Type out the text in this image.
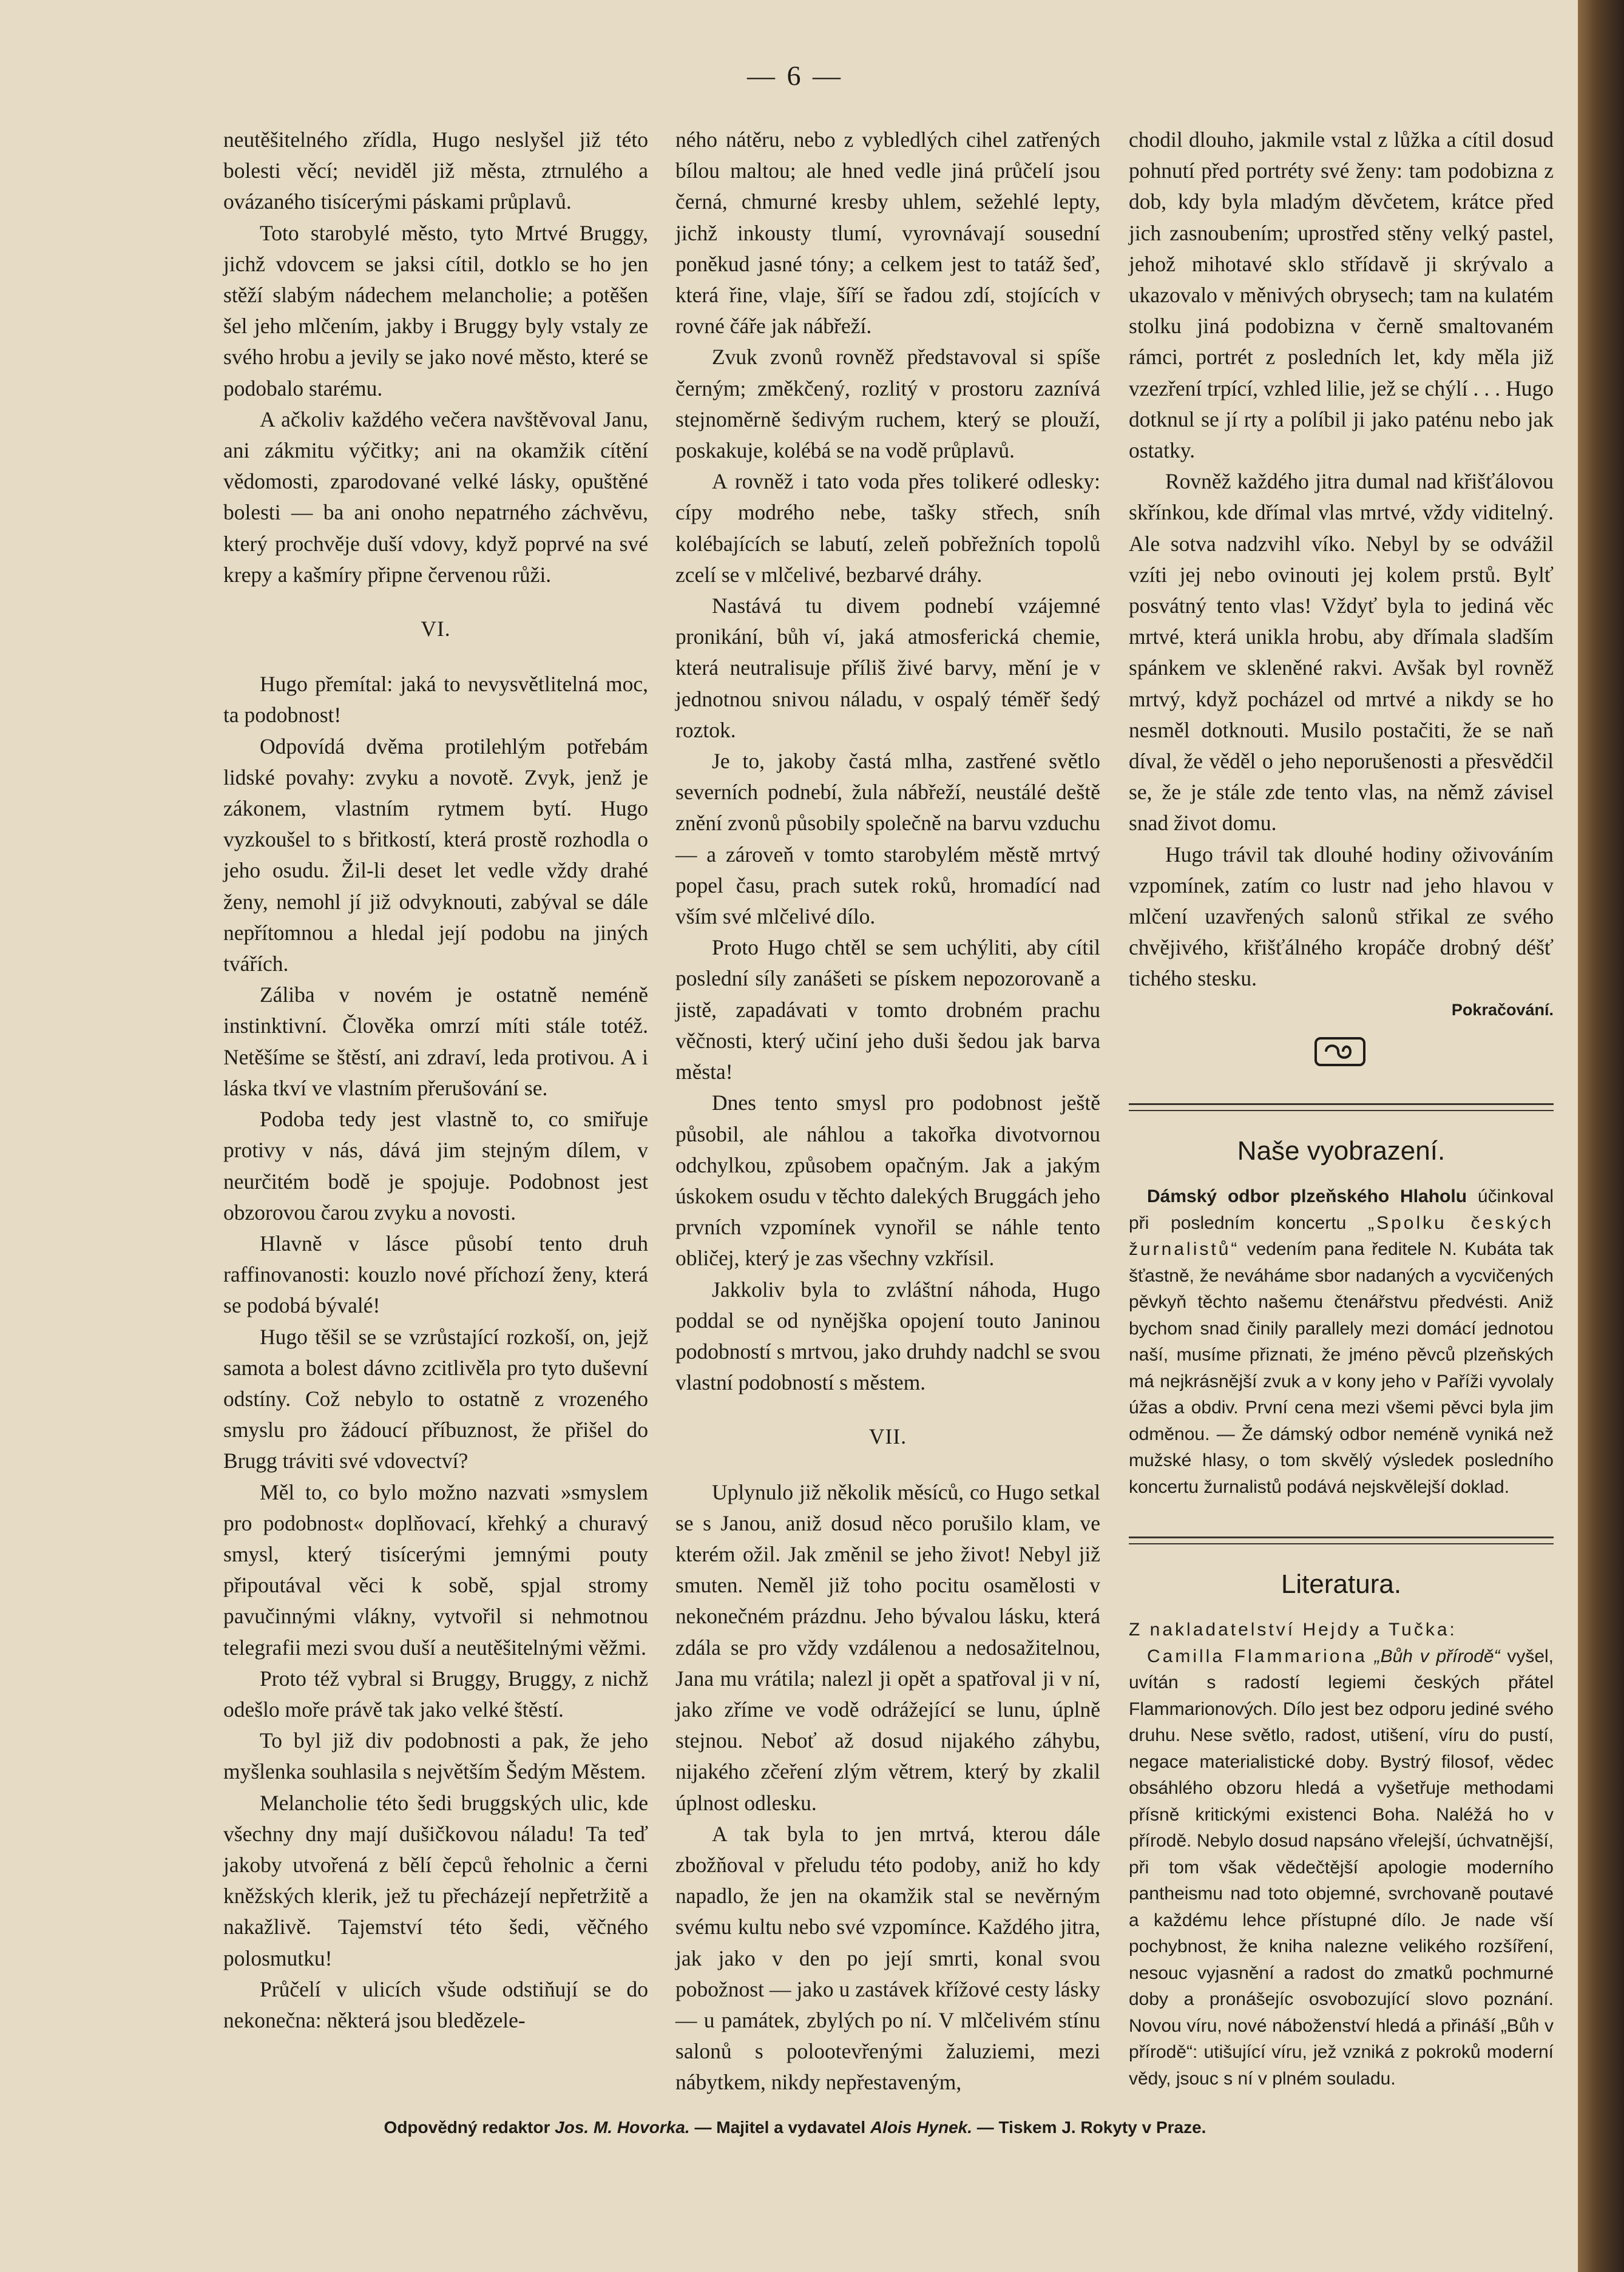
— 6 —

neutěšitelného zřídla, Hugo neslyšel již této bolesti věcí; neviděl již města, ztrnulého a ovázaného tisícerými páskami průplavů.

Toto starobylé město, tyto Mrtvé Bruggy, jichž vdovcem se jaksi cítil, dotklo se ho jen stěží slabým nádechem melancholie; a potěšen šel jeho mlčením, jakby i Bruggy byly vstaly ze svého hrobu a jevily se jako nové město, které se podobalo starému.

A ačkoliv každého večera navštěvoval Janu, ani zákmitu výčitky; ani na okamžik cítění vědomosti, zparodované velké lásky, opuštěné bolesti — ba ani onoho nepatrného záchvěvu, který prochvěje duší vdovy, když poprvé na své krepy a kašmíry připne červenou růži.

VI.

Hugo přemítal: jaká to nevysvětlitelná moc, ta podobnost!

Odpovídá dvěma protilehlým potřebám lidské povahy: zvyku a novotě. Zvyk, jenž je zákonem, vlastním rytmem bytí. Hugo vyzkoušel to s břitkostí, která prostě rozhodla o jeho osudu. Žil-li deset let vedle vždy drahé ženy, nemohl jí již odvyknouti, zabýval se dále nepřítomnou a hledal její podobu na jiných tvářích.

Záliba v novém je ostatně neméně instinktivní. Člověka omrzí míti stále totéž. Netěšíme se štěstí, ani zdraví, leda protivou. A i láska tkví ve vlastním přerušování se.

Podoba tedy jest vlastně to, co smiřuje protivy v nás, dává jim stejným dílem, v neurčitém bodě je spojuje. Podobnost jest obzorovou čarou zvyku a novosti.

Hlavně v lásce působí tento druh raffinovanosti: kouzlo nové příchozí ženy, která se podobá bývalé!

Hugo těšil se se vzrůstající rozkoší, on, jejž samota a bolest dávno zcitlivěla pro tyto duševní odstíny. Což nebylo to ostatně z vrozeného smyslu pro žádoucí příbuznost, že přišel do Brugg tráviti své vdovectví?

Měl to, co bylo možno nazvati »smyslem pro podobnost« doplňovací, křehký a churavý smysl, který tisícerými jemnými pouty připoutával věci k sobě, spjal stromy pavučinnými vlákny, vytvořil si nehmotnou telegrafii mezi svou duší a neutěšitelnými věžmi.

Proto též vybral si Bruggy, Bruggy, z nichž odešlo moře právě tak jako velké štěstí.

To byl již div podobnosti a pak, že jeho myšlenka souhlasila s největším Šedým Městem.

Melancholie této šedi bruggských ulic, kde všechny dny mají dušičkovou náladu! Ta teď jakoby utvořená z bělí čepců řeholnic a černi kněžských klerik, jež tu přecházejí nepřetržitě a nakažlivě. Tajemství této šedi, věčného polosmutku!

Průčelí v ulicích všude odstiňují se do nekonečna: některá jsou bledězele-

ného nátěru, nebo z vybledlých cihel zatřených bílou maltou; ale hned vedle jiná průčelí jsou černá, chmurné kresby uhlem, sežehlé lepty, jichž inkousty tlumí, vyrovnávají sousední poněkud jasné tóny; a celkem jest to tatáž šeď, která řine, vlaje, šíří se řadou zdí, stojících v rovné čáře jak nábřeží.

Zvuk zvonů rovněž představoval si spíše černým; změkčený, rozlitý v prostoru zaznívá stejnoměrně šedivým ruchem, který se plouží, poskakuje, kolébá se na vodě průplavů.

A rovněž i tato voda přes tolikeré odlesky: cípy modrého nebe, tašky střech, sníh kolébajících se labutí, zeleň pobřežních topolů zcelí se v mlčelivé, bezbarvé dráhy.

Nastává tu divem podnebí vzájemné pronikání, bůh ví, jaká atmosferická chemie, která neutralisuje příliš živé barvy, mění je v jednotnou snivou náladu, v ospalý téměř šedý roztok.

Je to, jakoby častá mlha, zastřené světlo severních podnebí, žula nábřeží, neustálé deště znění zvonů působily společně na barvu vzduchu — a zároveň v tomto starobylém městě mrtvý popel času, prach sutek roků, hromadící nad vším své mlčelivé dílo.

Proto Hugo chtěl se sem uchýliti, aby cítil poslední síly zanášeti se pískem nepozorovaně a jistě, zapadávati v tomto drobném prachu věčnosti, který učiní jeho duši šedou jak barva města!

Dnes tento smysl pro podobnost ještě působil, ale náhlou a takořka divotvornou odchylkou, způsobem opačným. Jak a jakým úskokem osudu v těchto dalekých Bruggách jeho prvních vzpomínek vynořil se náhle tento obličej, který je zas všechny vzkřísil.

Jakkoliv byla to zvláštní náhoda, Hugo poddal se od nynějška opojení touto Janinou podobností s mrtvou, jako druhdy nadchl se svou vlastní podobností s městem.

VII.

Uplynulo již několik měsíců, co Hugo setkal se s Janou, aniž dosud něco porušilo klam, ve kterém ožil. Jak změnil se jeho život! Nebyl již smuten. Neměl již toho pocitu osamělosti v nekonečném prázdnu. Jeho bývalou lásku, která zdála se pro vždy vzdálenou a nedosažitelnou, Jana mu vrátila; nalezl ji opět a spatřoval ji v ní, jako zříme ve vodě odrážející se lunu, úplně stejnou. Neboť až dosud nijakého záhybu, nijakého zčeření zlým větrem, který by zkalil úplnost odlesku.

A tak byla to jen mrtvá, kterou dále zbožňoval v přeludu této podoby, aniž ho kdy napadlo, že jen na okamžik stal se nevěrným svému kultu nebo své vzpomínce. Každého jitra, jak jako v den po její smrti, konal svou pobožnost — jako u zastávek křížové cesty lásky — u památek, zbylých po ní. V mlčelivém stínu salonů s polootevřenými žaluziemi, mezi nábytkem, nikdy nepřestaveným,

chodil dlouho, jakmile vstal z lůžka a cítil dosud pohnutí před portréty své ženy: tam podobizna z dob, kdy byla mladým děvčetem, krátce před jich zasnoubením; uprostřed stěny velký pastel, jehož mihotavé sklo střídavě ji skrývalo a ukazovalo v měnivých obrysech; tam na kulatém stolku jiná podobizna v černě smaltovaném rámci, portrét z posledních let, kdy měla již vzezření trpící, vzhled lilie, jež se chýlí . . . Hugo dotknul se jí rty a políbil ji jako paténu nebo jak ostatky.

Rovněž každého jitra dumal nad křišťálovou skřínkou, kde dřímal vlas mrtvé, vždy viditelný. Ale sotva nadzvihl víko. Nebyl by se odvážil vzíti jej nebo ovinouti jej kolem prstů. Bylť posvátný tento vlas! Vždyť byla to jediná věc mrtvé, která unikla hrobu, aby dřímala sladším spánkem ve skleněné rakvi. Avšak byl rovněž mrtvý, když pocházel od mrtvé a nikdy se ho nesměl dotknouti. Musilo postačiti, že se naň díval, že věděl o jeho neporušenosti a přesvědčil se, že je stále zde tento vlas, na němž závisel snad život domu.

Hugo trávil tak dlouhé hodiny oživováním vzpomínek, zatím co lustr nad jeho hlavou v mlčení uzavřených salonů střikal ze svého chvějivého, křišťálného kropáče drobný déšť tichého stesku.

Pokračování.
Naše vyobrazení.

Dámský odbor plzeňského Hlaholu účinkoval při posledním koncertu „Spolku českých žurnalistů“ vedením pana ředitele N. Kubáta tak šťastně, že neváháme sbor nadaných a vycvičených pěvkyň těchto našemu čtenářstvu předvésti. Aniž bychom snad činily parallely mezi domácí jednotou naší, musíme přiznati, že jméno pěvců plzeňských má nejkrásnější zvuk a v kony jeho v Paříži vyvolaly úžas a obdiv. První cena mezi všemi pěvci byla jim odměnou. — Že dámský odbor neméně vyniká než mužské hlasy, o tom skvělý výsledek posledního koncertu žurnalistů podává nejskvělejší doklad.

Literatura.

Z nakladatelství Hejdy a Tučka:

Camilla Flammariona „Bůh v přírodě“ vyšel, uvítán s radostí legiemi českých přátel Flammarionových. Dílo jest bez odporu jediné svého druhu. Nese světlo, radost, utišení, víru do pustí, negace materialistické doby. Bystrý filosof, vědec obsáhlého obzoru hledá a vyšetřuje methodami přísně kritickými existenci Boha. Naléžá ho v přírodě. Nebylo dosud napsáno vřelejší, úchvatnější, při tom však vědečtější apologie moderního pantheismu nad toto objemné, svrchovaně poutavé a každému lehce přístupné dílo. Je nade vší pochybnost, že kniha nalezne velikého rozšíření, nesouc vyjasnění a radost do zmatků pochmurné doby a pronášejíc osvobozující slovo poznání. Novou víru, nové náboženství hledá a přináší „Bůh v přírodě“: utišující víru, jež vzniká z pokroků moderní vědy, jsouc s ní v plném souladu.

Odpovědný redaktor Jos. M. Hovorka. — Majitel a vydavatel Alois Hynek. — Tiskem J. Rokyty v Praze.
